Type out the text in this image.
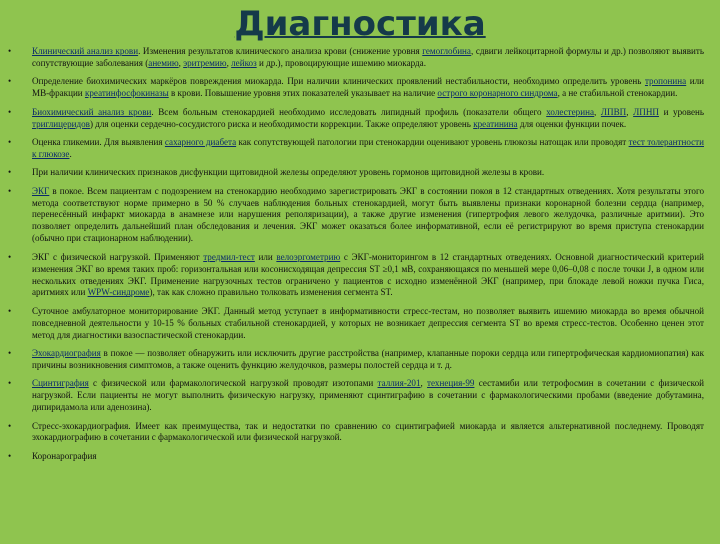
Диагностика
• Клинический анализ крови. Изменения результатов клинического анализа крови (снижение уровня гемоглобина, сдвиги лейкоцитарной формулы и др.) позволяют выявить сопутствующие заболевания (анемию, эритремию, лейкоз и др.), провоцирующие ишемию миокарда.
• Определение биохимических маркёров повреждения миокарда. При наличии клинических проявлений нестабильности, необходимо определить уровень тропонина или МВ-фракции креатинфосфокиназы в крови. Повышение уровня этих показателей указывает на наличие острого коронарного синдрома, а не стабильной стенокардии.
• Биохимический анализ крови. Всем больным стенокардией необходимо исследовать липидный профиль (показатели общего холестерина, ЛПВП, ЛПНП и уровень триглицеридов) для оценки сердечно-сосудистого риска и необходимости коррекции. Также определяют уровень креатинина для оценки функции почек.
• Оценка гликемии. Для выявления сахарного диабета как сопутствующей патологии при стенокардии оценивают уровень глюкозы натощак или проводят тест толерантности к глюкозе.
• При наличии клинических признаков дисфункции щитовидной железы определяют уровень гормонов щитовидной железы в крови.
• ЭКГ в покое. Всем пациентам с подозрением на стенокардию необходимо зарегистрировать ЭКГ в состоянии покоя в 12 стандартных отведениях. Хотя результаты этого метода соответствуют норме примерно в 50 % случаев наблюдения больных стенокардией, могут быть выявлены признаки коронарной болезни сердца (например, перенесённый инфаркт миокарда в анамнезе или нарушения реполяризации), а также другие изменения (гипертрофия левого желудочка, различные аритмии). Это позволяет определить дальнейший план обследования и лечения. ЭКГ может оказаться более информативной, если её регистрируют во время приступа стенокардии (обычно при стационарном наблюдении).
• ЭКГ с физической нагрузкой. Применяют тредмил-тест или велоэргометрию с ЭКГ-мониторингом в 12 стандартных отведениях. Основной диагностический критерий изменения ЭКГ во время таких проб: горизонтальная или косонисходящая депрессия ST ≥0,1 мВ, сохраняющаяся по меньшей мере 0,06–0,08 с после точки J, в одном или нескольких отведениях ЭКГ. Применение нагрузочных тестов ограничено у пациентов с исходно изменённой ЭКГ (например, при блокаде левой ножки пучка Гиса, аритмиях или WPW-синдроме), так как сложно правильно толковать изменения сегмента ST.
• Суточное амбулаторное мониторирование ЭКГ. Данный метод уступает в информативности стресс-тестам, но позволяет выявить ишемию миокарда во время обычной повседневной деятельности у 10-15 % больных стабильной стенокардией, у которых не возникает депрессия сегмента ST во время стресс-тестов. Особенно ценен этот метод для диагностики вазоспастической стенокардии.
• Эхокардиография в покое — позволяет обнаружить или исключить другие расстройства (например, клапанные пороки сердца или гипертрофическая кардиомиопатия) как причины возникновения симптомов, а также оценить функцию желудочков, размеры полостей сердца и т. д.
• Сцинтиграфия с физической или фармакологической нагрузкой проводят изотопами таллия-201, технеция-99 сестамиби или тетрофосмин в сочетании с физической нагрузкой. Если пациенты не могут выполнить физическую нагрузку, применяют сцинтиграфию в сочетании с фармакологическими пробами (введение добутамина, дипиридамола или аденозина).
• Стресс-эхокардиография. Имеет как преимущества, так и недостатки по сравнению со сцинтиграфией миокарда и является альтернативной последнему. Проводят эхокардиографию в сочетании с фармакологической или физической нагрузкой.
• Коронарография
